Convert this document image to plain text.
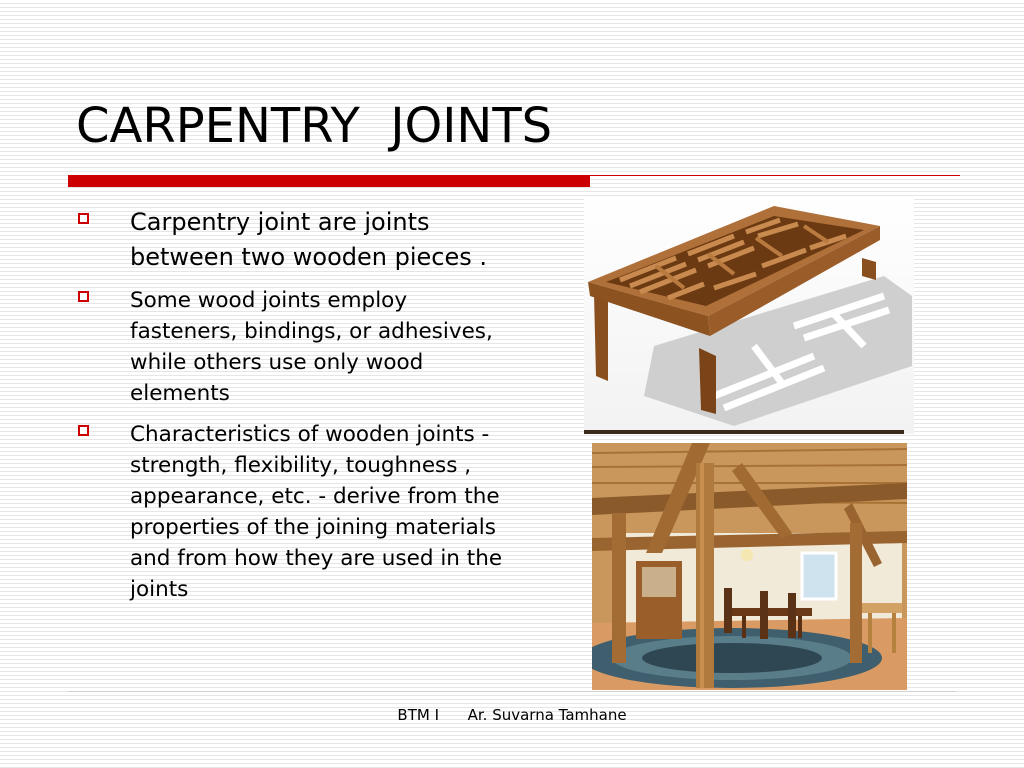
CARPENTRY  JOINTS
Carpentry joint are joints between two wooden pieces .
Some wood joints employ fasteners, bindings, or adhesives, while others use only wood elements
Characteristics of wooden joints - strength, flexibility, toughness , appearance, etc. - derive from the properties of the joining materials and from how they are used in the joints
BTM I Ar. Suvarna Tamhane
